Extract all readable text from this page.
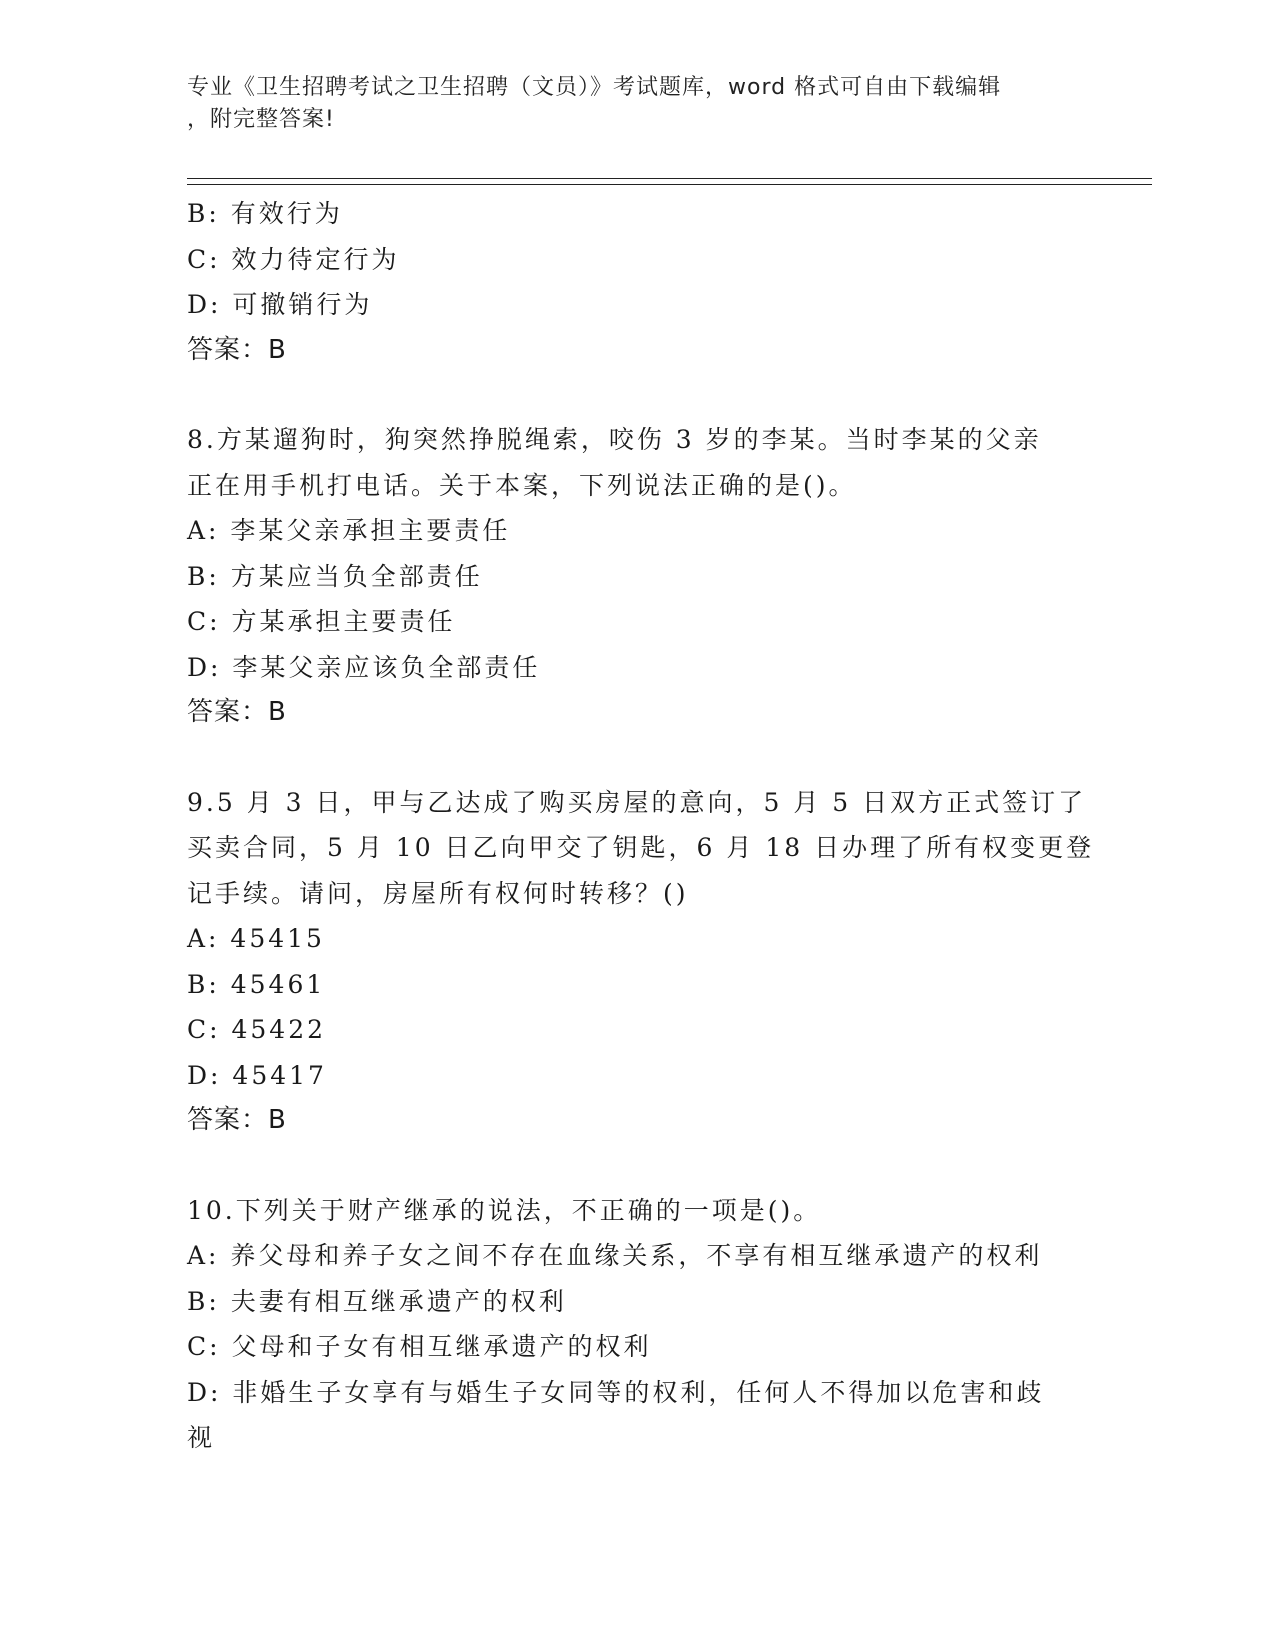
专业《卫生招聘考试之卫生招聘（文员）》考试题库，word 格式可自由下载编辑
，附完整答案!
B: 有效行为
C: 效力待定行为
D: 可撤销行为
答案：B
8.方某遛狗时，狗突然挣脱绳索，咬伤 3 岁的李某。当时李某的父亲
正在用手机打电话。关于本案，下列说法正确的是()。
A: 李某父亲承担主要责任
B: 方某应当负全部责任
C: 方某承担主要责任
D: 李某父亲应该负全部责任
答案：B
9.5 月 3 日，甲与乙达成了购买房屋的意向，5 月 5 日双方正式签订了
买卖合同，5 月 10 日乙向甲交了钥匙，6 月 18 日办理了所有权变更登
记手续。请问，房屋所有权何时转移？()
A: 45415
B: 45461
C: 45422
D: 45417
答案：B
10.下列关于财产继承的说法，不正确的一项是()。
A: 养父母和养子女之间不存在血缘关系，不享有相互继承遗产的权利
B: 夫妻有相互继承遗产的权利
C: 父母和子女有相互继承遗产的权利
D: 非婚生子女享有与婚生子女同等的权利，任何人不得加以危害和歧
视
